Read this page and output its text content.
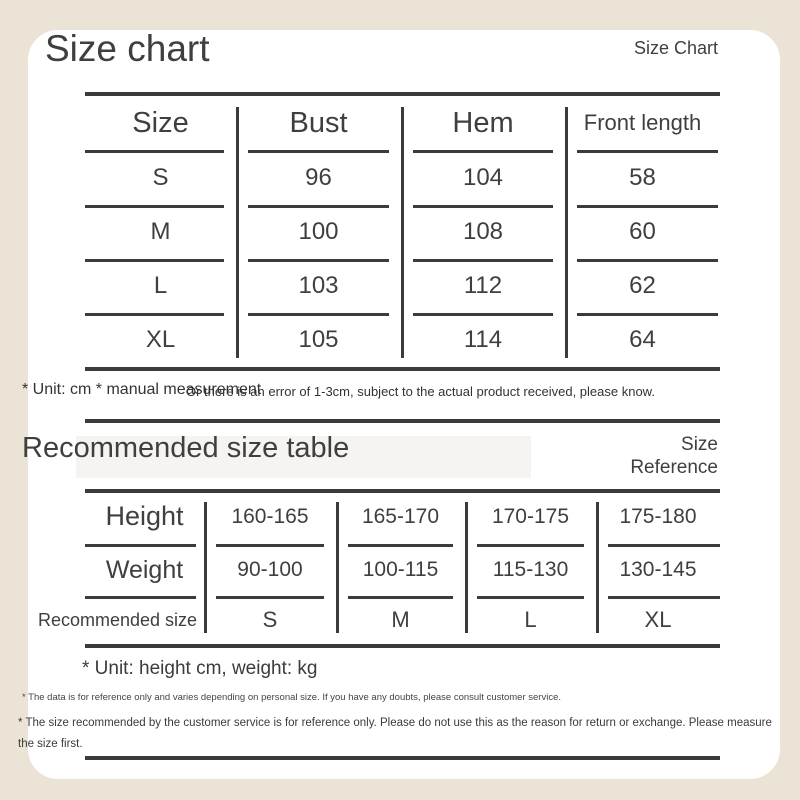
Size chart	Size Chart
Size	Bust	Hem	Front length
S	96	104	58
M	100	108	60
L	103	112	62
XL	105	114	64
* Unit: cm * manual measurement
Or there is an error of 1-3cm, subject to the actual product received, please know.
Recommended size table	Size
Reference
Height	160-165	165-170	170-175	175-180
Weight	90-100	100-115	115-130	130-145
Recommended size	S	M	L	XL
* Unit: height cm, weight: kg
* The data is for reference only and varies depending on personal size. If you have any doubts, please consult customer service.
* The size recommended by the customer service is for reference only. Please do not use this as the reason for return or exchange. Please measure the size first.
